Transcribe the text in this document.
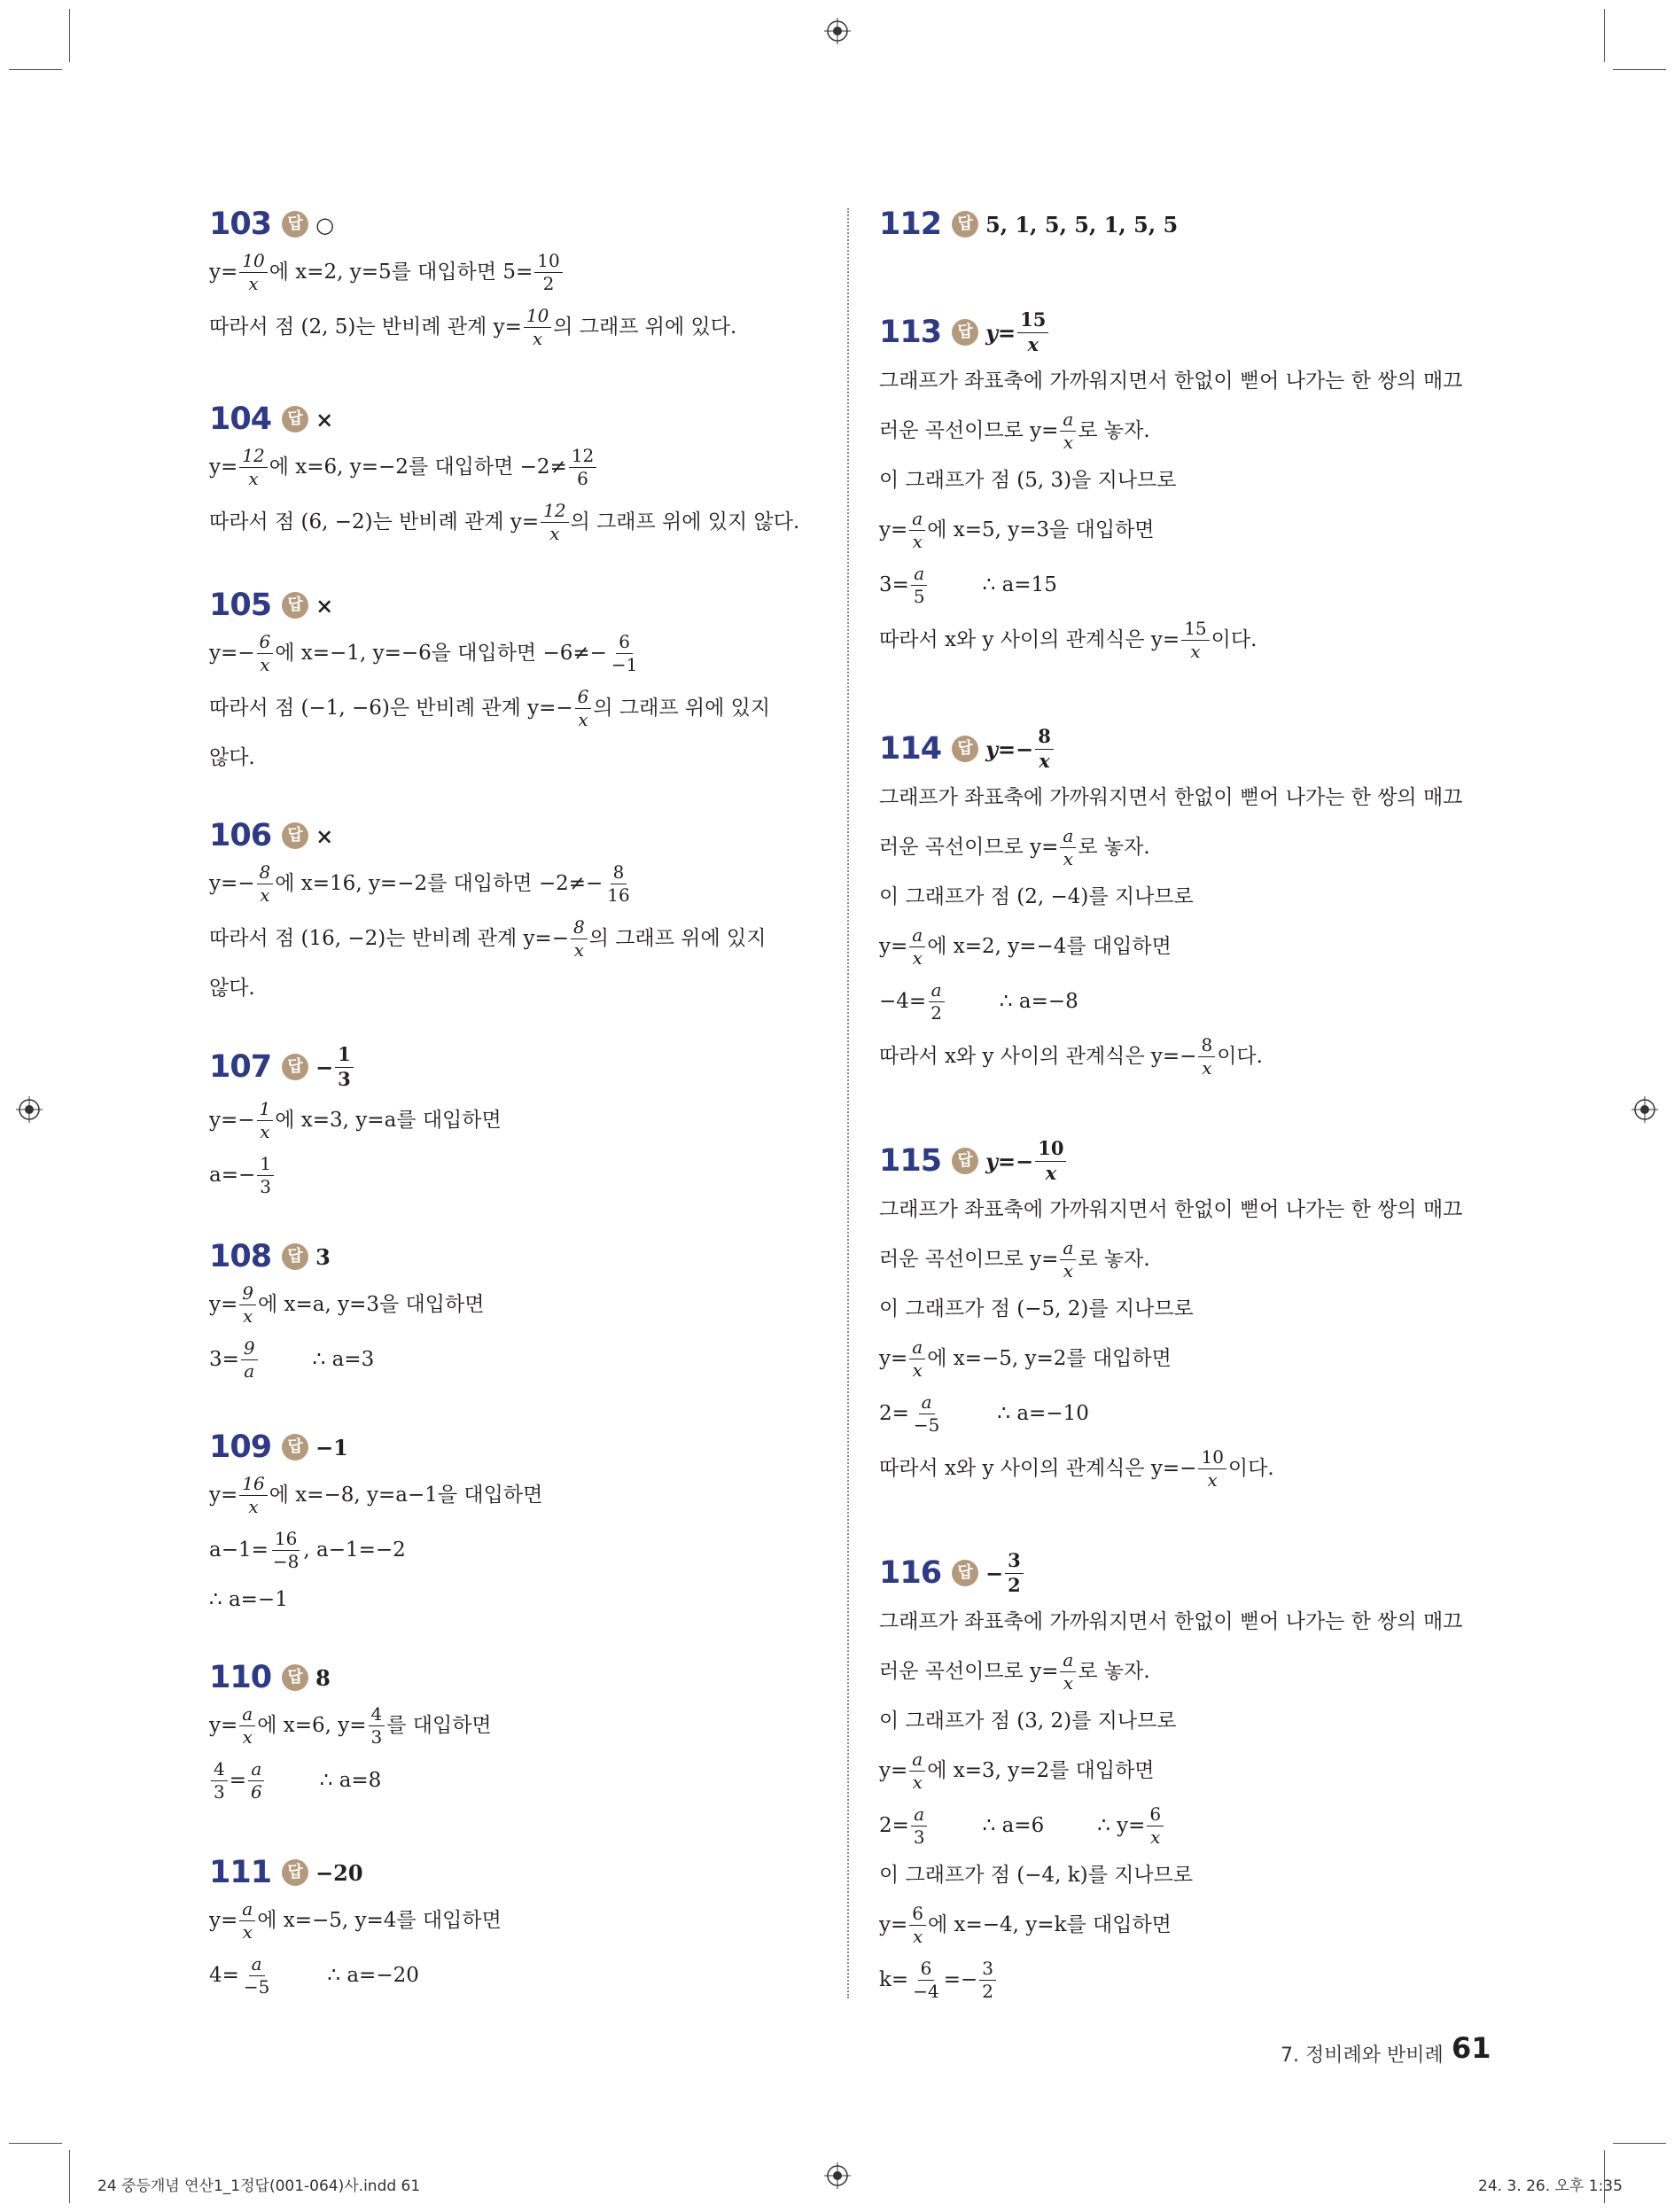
103	답 ○
$y= \frac{10}{x}$ 에 x=2, y=5를 대입하면 $5= \frac{10}{2}$
따라서 점 (2, 5)는 반비례 관계 $y= \frac{10}{x}$ 의 그래프 위에 있다.
104	답 ×
$y= \frac{12}{x}$ 에 x=6, y=−2를 대입하면 $-2\ne \frac{12}{6}$
따라서 점 (6, −2)는 반비례 관계 $y= \frac{12}{x}$ 의 그래프 위에 있지 않다.
105	답 ×
$y=- \frac{6}{x}$ 에 x=−1, y=−6을 대입하면 $-6\ne- \frac{6}{-1}$
따라서 점 (−1, −6)은 반비례 관계 $y=- \frac{6}{x}$ 의 그래프 위에 있지
않다.
106	답 ×
$y=- \frac{8}{x}$ 에 x=16, y=−2를 대입하면 $-2\ne- \frac{8}{16}$
따라서 점 (16, −2)는 반비례 관계 $y=- \frac{8}{x}$ 의 그래프 위에 있지
않다.
107	답 − $\frac{1}{3}$
$y=- \frac{1}{x}$ 에 x=3, y=a를 대입하면
$a=- \frac{1}{3}$
108	답 3
$y= \frac{9}{x}$ 에 x=a, y=3을 대입하면
$3= \frac{9}{a}$	∴ a=3
109	답 −1
$y= \frac{16}{x}$ 에 x=−8, y=a−1을 대입하면
$a-1= \frac{16}{-8}$ , a−1=−2
∴ a=−1
110	답 8
$y= \frac{a}{x}$ 에 x=6, $y= \frac{4}{3}$ 를 대입하면
$\frac{4}{3} = \frac{a}{6}$	∴ a=8
111	답 −20
$y= \frac{a}{x}$ 에 x=−5, y=4를 대입하면
$4= \frac{a}{-5}$	∴ a=−20
112	답 5, 1, 5, 5, 1, 5, 5
113	답 $y= \frac{15}{x}$
그래프가 좌표축에 가까워지면서 한없이 뻗어 나가는 한 쌍의 매끄
러운 곡선이므로 $y= \frac{a}{x}$ 로 놓자.
이 그래프가 점 (5, 3)을 지나므로
$y= \frac{a}{x}$ 에 x=5, y=3을 대입하면
$3= \frac{a}{5}$	∴ a=15
따라서 x와 y 사이의 관계식은 $y= \frac{15}{x}$ 이다.
114	답 $y=- \frac{8}{x}$
그래프가 좌표축에 가까워지면서 한없이 뻗어 나가는 한 쌍의 매끄
러운 곡선이므로 $y= \frac{a}{x}$ 로 놓자.
이 그래프가 점 (2, −4)를 지나므로
$y= \frac{a}{x}$ 에 x=2, y=−4를 대입하면
$-4= \frac{a}{2}$	∴ a=−8
따라서 x와 y 사이의 관계식은 $y=- \frac{8}{x}$ 이다.
115	답 $y=- \frac{10}{x}$
그래프가 좌표축에 가까워지면서 한없이 뻗어 나가는 한 쌍의 매끄
러운 곡선이므로 $y= \frac{a}{x}$ 로 놓자.
이 그래프가 점 (−5, 2)를 지나므로
$y= \frac{a}{x}$ 에 x=−5, y=2를 대입하면
$2= \frac{a}{-5}$	∴ a=−10
따라서 x와 y 사이의 관계식은 $y=- \frac{10}{x}$ 이다.
116	답 − $\frac{3}{2}$
그래프가 좌표축에 가까워지면서 한없이 뻗어 나가는 한 쌍의 매끄
러운 곡선이므로 $y= \frac{a}{x}$ 로 놓자.
이 그래프가 점 (3, 2)를 지나므로
$y= \frac{a}{x}$ 에 x=3, y=2를 대입하면
$2= \frac{a}{3}$	∴ a=6	∴ $y= \frac{6}{x}$
이 그래프가 점 (−4, k)를 지나므로
$y= \frac{6}{x}$ 에 x=−4, y=k를 대입하면
$k= \frac{6}{-4} =- \frac{3}{2}$
7. 정비례와 반비례 61
24 중등개념 연산1_1정답(001-064)사.indd 61	24. 3. 26. 오후 1:35
